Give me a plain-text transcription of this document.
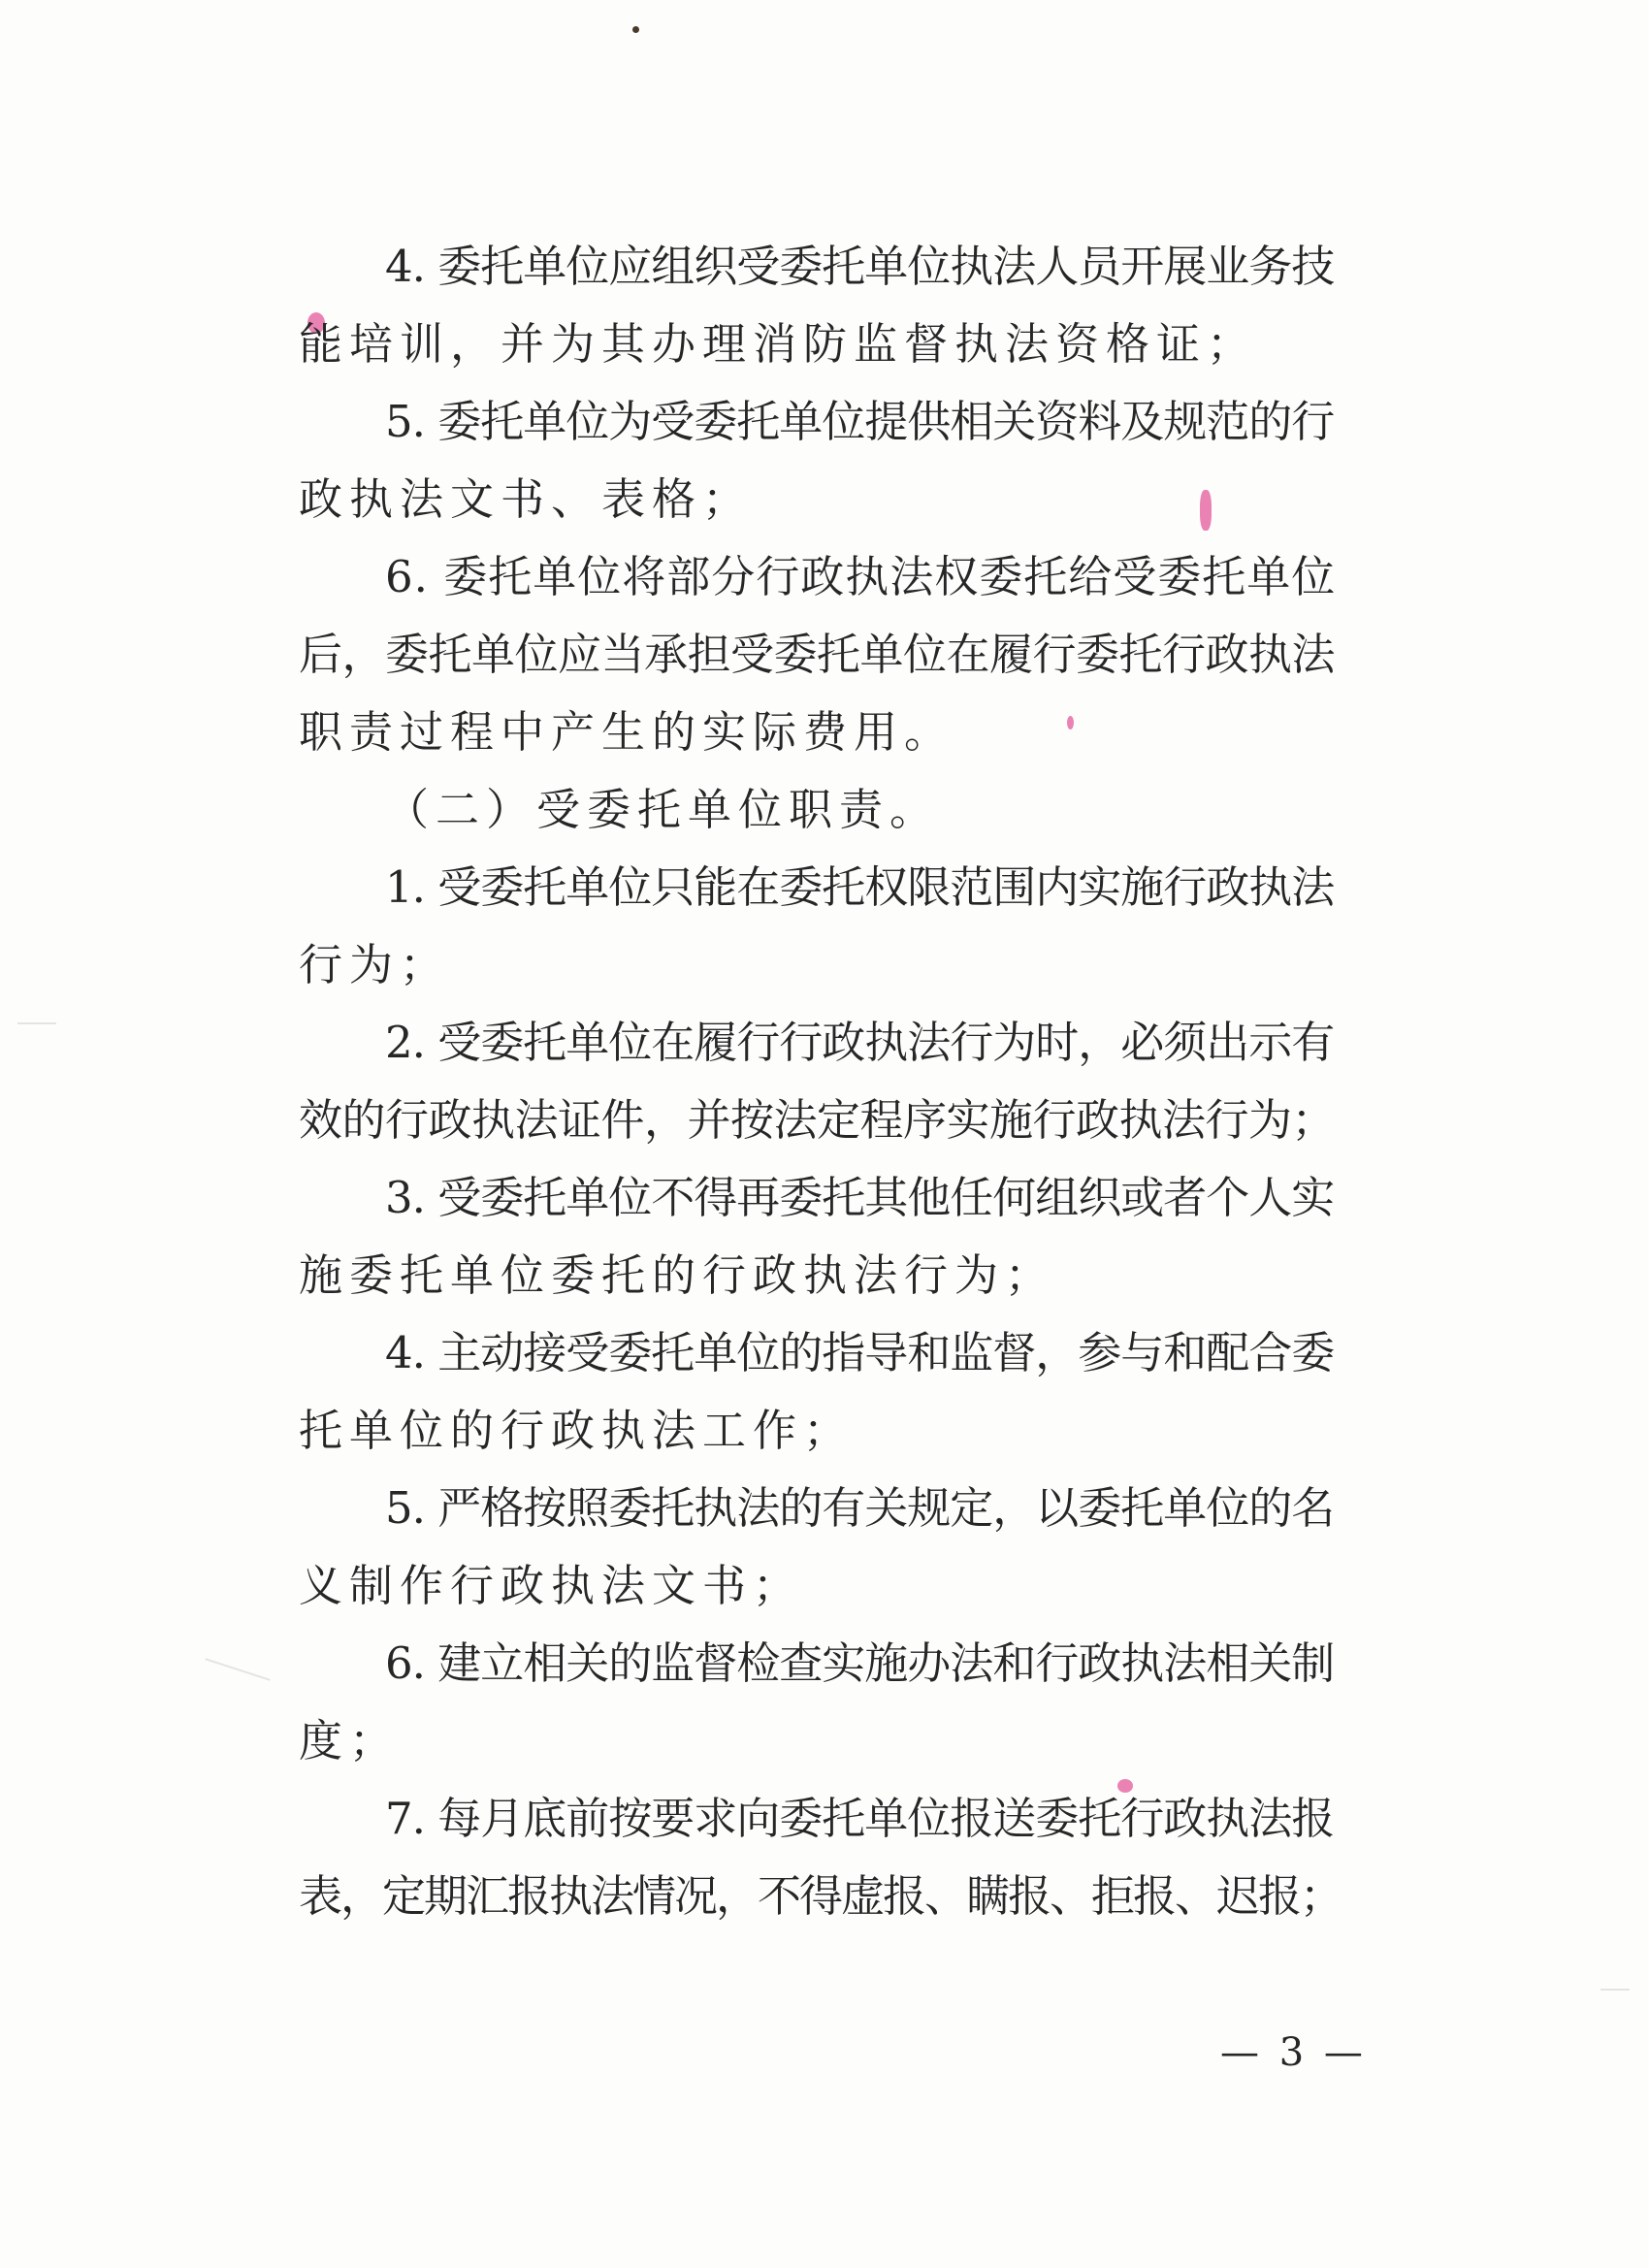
4. 委托单位应组织受委托单位执法人员开展业务技
能培训，并为其办理消防监督执法资格证；
5. 委托单位为受委托单位提供相关资料及规范的行
政执法文书、表格；
6. 委托单位将部分行政执法权委托给受委托单位
后，委托单位应当承担受委托单位在履行委托行政执法
职责过程中产生的实际费用。
（二）受委托单位职责。
1. 受委托单位只能在委托权限范围内实施行政执法
行为；
2. 受委托单位在履行行政执法行为时，必须出示有
效的行政执法证件，并按法定程序实施行政执法行为；
3. 受委托单位不得再委托其他任何组织或者个人实
施委托单位委托的行政执法行为；
4. 主动接受委托单位的指导和监督，参与和配合委
托单位的行政执法工作；
5. 严格按照委托执法的有关规定，以委托单位的名
义制作行政执法文书；
6. 建立相关的监督检查实施办法和行政执法相关制
度；
7. 每月底前按要求向委托单位报送委托行政执法报
表，定期汇报执法情况，不得虚报、瞒报、拒报、迟报；
— 3 —
